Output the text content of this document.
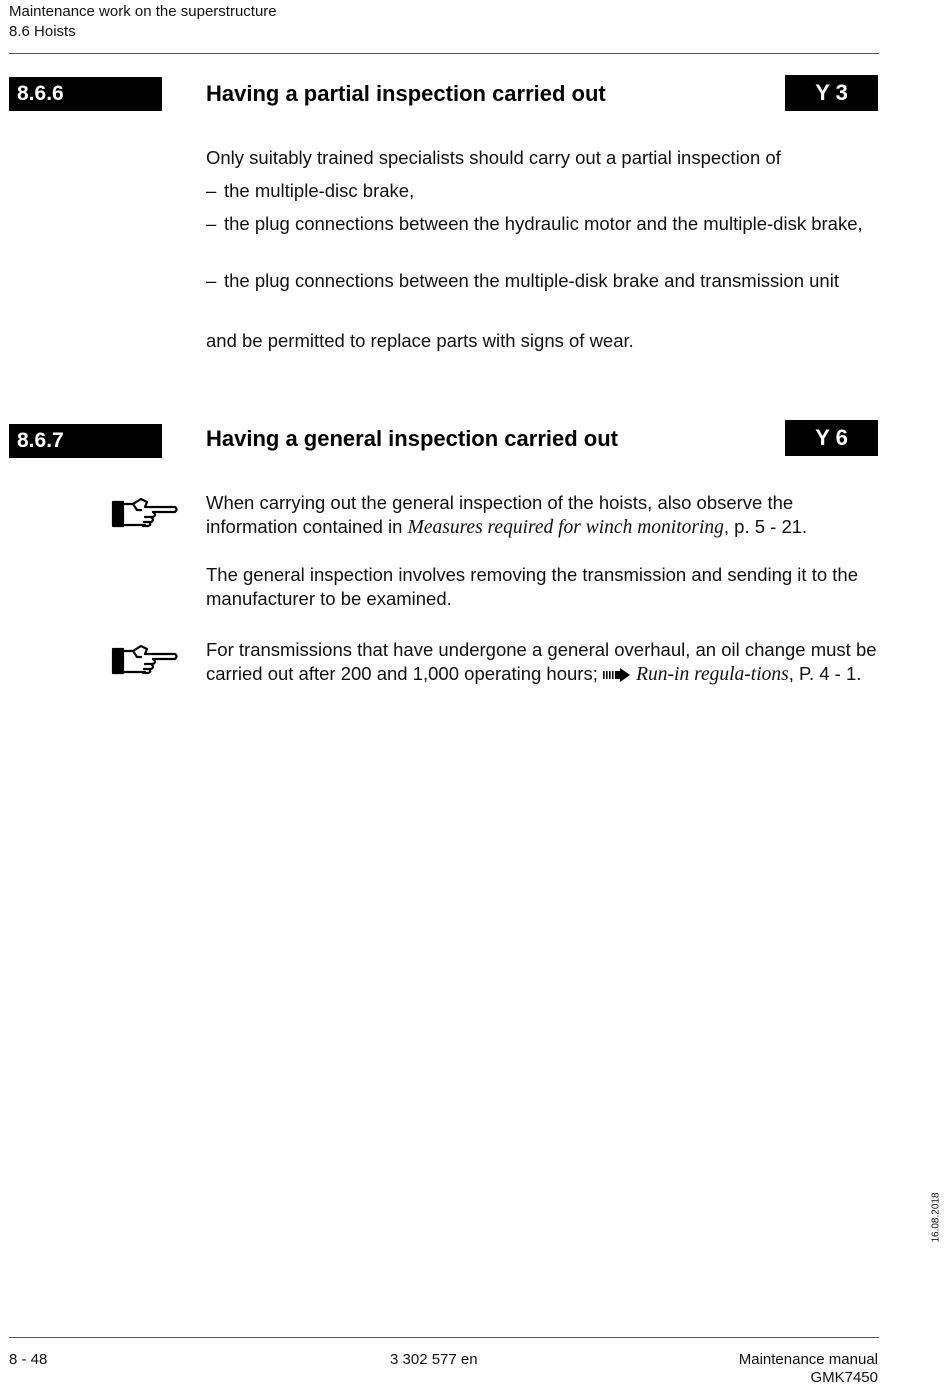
Maintenance work on the superstructure
8.6 Hoists
8.6.6	Having a partial inspection carried out	Y 3
Only suitably trained specialists should carry out a partial inspection of
– the multiple-disc brake,
– the plug connections between the hydraulic motor and the multiple-disk brake,
– the plug connections between the multiple-disk brake and transmission unit
and be permitted to replace parts with signs of wear.
8.6.7	Having a general inspection carried out	Y 6
When carrying out the general inspection of the hoists, also observe the information contained in Measures required for winch monitoring, p. 5 - 21.
The general inspection involves removing the transmission and sending it to the manufacturer to be examined.
For transmissions that have undergone a general overhaul, an oil change must be carried out after 200 and 1,000 operating hours;  Run-in regula-tions, P. 4 - 1.
16.08.2018
8 - 48	3 302 577 en	Maintenance manual
GMK7450
